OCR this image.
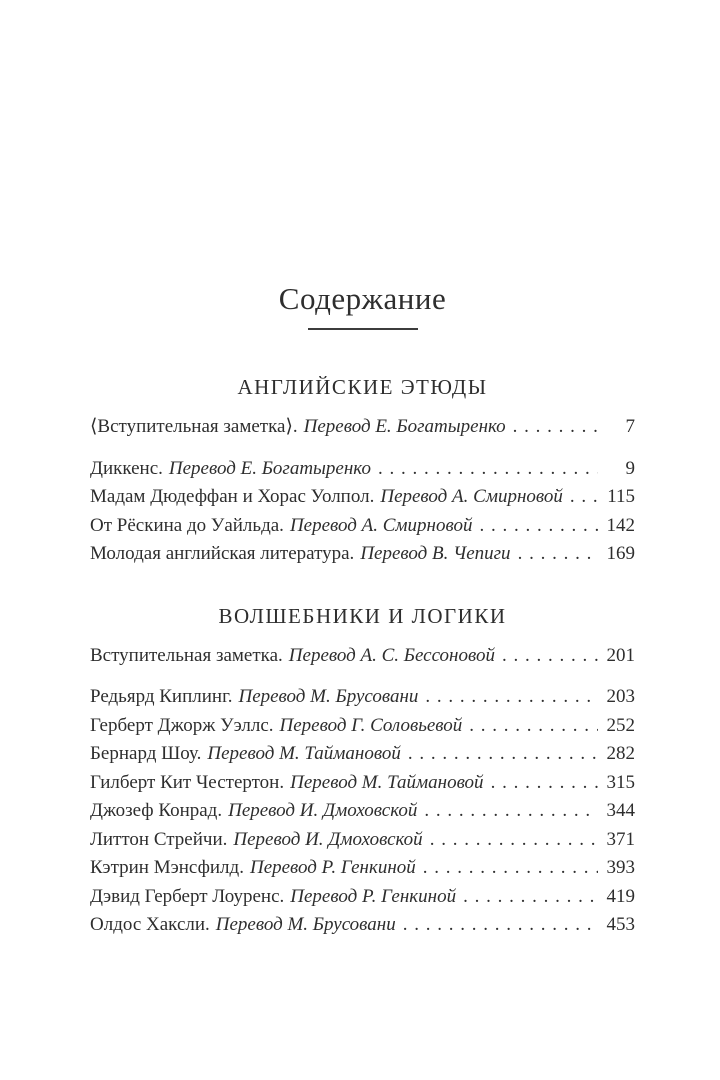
Содержание
АНГЛИЙСКИЕ ЭТЮДЫ
⟨Вступительная заметка⟩. Перевод Е. Богатыренко . . .	7
Диккенс. Перевод Е. Богатыренко . . .	9
Мадам Дюдеффан и Хорас Уолпол. Перевод А. Смирновой . . .	115
От Рёскина до Уайльда. Перевод А. Смирновой . . .	142
Молодая английская литература. Перевод В. Чепиги . . .	169
ВОЛШЕБНИКИ И ЛОГИКИ
Вступительная заметка. Перевод А. С. Бессоновой . . .	201
Редьярд Киплинг. Перевод М. Брусовани . . .	203
Герберт Джорж Уэллс. Перевод Г. Соловьевой . . .	252
Бернард Шоу. Перевод М. Таймановой . . .	282
Гилберт Кит Честертон. Перевод М. Таймановой . . .	315
Джозеф Конрад. Перевод И. Дмоховской . . .	344
Литтон Стрейчи. Перевод И. Дмоховской . . .	371
Кэтрин Мэнсфилд. Перевод Р. Генкиной . . .	393
Дэвид Герберт Лоуренс. Перевод Р. Генкиной . . .	419
Олдос Хаксли. Перевод М. Брусовани . . .	453
